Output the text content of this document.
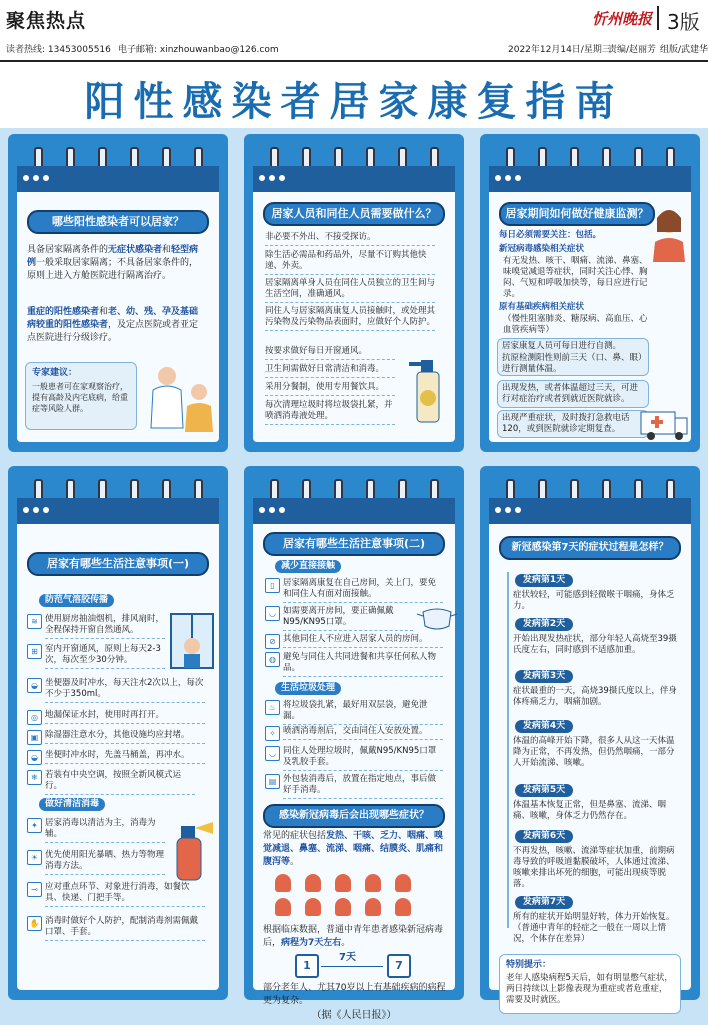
聚焦热点	忻州晚报 3版
读者热线: 13453005516 电子邮箱: xinzhouwanbao@126.com	2022年12月14日/星期三
责编/赵丽芳 组版/武建华
阳性感染者居家康复指南
哪些阳性感染者可以居家？
具备居家隔离条件的无症状感染者和轻型病例一般采取居家隔离；不具备居家条件的，原则上进入方舱医院进行隔离治疗。
重症的阳性感染者和老、幼、残、孕及基础病较重的阳性感染者，及定点医院或者亚定点医院进行分级诊疗。
专家建议：
一般患者可在家观察治疗，提有高龄及内宅底病，给重症等风险人群。
居家人员和同住人员需要做什么？
非必要不外出、不接受探访。
除生活必需品和药品外，尽量不订购其他快递、外卖。
居家隔离单身人员在同住人员独立的卫生间与生活空间，准确通风。
同住人与居家隔离康复人员接触时，或处理其污染物及污染物品表面时，应做好个人防护。
按要求做好每日开窗通风。
卫生间需做好日常清洁和消毒。
采用分餐制，使用专用餐饮具。
每次清理垃圾时将垃圾袋扎紧，并喷洒消毒液处理。
居家期间如何做好健康监测？
每日必须需要关注：包括。
新冠病毒感染相关症状
有无发热、咳干、咽痛、流涕、鼻塞、味嗅觉减退等症状，同时关注心悸、胸闷、气短和呼吸加快等，每日应进行记录。
原有基础疾病相关症状
（慢性阻塞肺炎、糖尿病、高血压、心血管疾病等）
居家康复人员可每日进行自测。
抗原检测阳性则前三天（口、鼻、眼）进行测量体温。
出现发热，或者体温超过三天，可进行对症治疗或者到就近医院就诊。
出现严重症状，及时拨打急救电话120，或到医院就诊定期复查。
居家有哪些生活注意事项(一)
防范气溶胶传播
≋ 使用厨房抽油烟机，排风扇时，全程保持开窗自然通风。
⊞ 室内开窗通风，原则上每天2-3次，每次至少30分钟。
◒ 坐便器及时冲水，每天注水2次以上，每次不少于350ml。
◎ 地漏保证水封，使用时再打开。
▣ 除湿器注意水分，其他设施均应封堵。
◒ 坐便时冲水时，先盖马桶盖，再冲水。
❄ 若装有中央空调，按照全新风模式运行。
做好清洁消毒
✦ 居家消毒以清洁为主，消毒为辅。
☀ 优先使用阳光暴晒、热力等物理消毒方法。
⊸ 应对重点环节、对象进行消毒，如餐饮具、快递、门把手等。
✋ 消毒时做好个人防护，配制消毒剂需佩戴口罩、手套。
居家有哪些生活注意事项(二)
减少直接接触
▯ 居家隔离康复在自己房间，关上门，要免和同住人有面对面接触。
◡ 如需要离开房间，要正确佩戴N95/KN95口罩。
⊘ 其他同住人不应进入居家人员的房间。
◍ 避免与同住人共同进餐和共享任何私人物品。
生活垃圾处理
♨ 将垃圾袋扎紧，最好用双层袋，避免泄漏。
✧ 喷洒消毒剂后，交由同住人安放处置。
◡ 同住人处理垃圾时，佩戴N95/KN95口罩及乳胶手套。
▤ 外包装消毒后，放置在指定地点，事后做好手消毒。
感染新冠病毒后会出现哪些症状？
常见的症状包括发热、干咳、乏力、咽痛、嗅觉减退、鼻塞、流涕、咽痛、结膜炎、肌痛和腹泻等。
根据临床数据，普通中青年患者感染新冠病毒后，病程为7天左右。
1
7天
7
部分老年人、尤其70岁以上有基础疾病的病程更为复杂。
新冠感染第7天的症状过程是怎样？
发病第1天
症状较轻，可能感到轻微喉干咽痛，身体乏力。
发病第2天
开始出现发热症状，部分年轻人高烧至39摄氏度左右，同时感到不适感加重。
发病第3天
症状最重的一天，高烧39摄氏度以上，伴身体疼痛乏力，咽痛加剧。
发病第4天
体温的高峰开始下降，很多人从这一天体温降为正常，不再发热，但仍然咽痛，一部分人开始流涕、咳嗽。
发病第5天
体温基本恢复正常，但是鼻塞、流涕、咽痛、咳嗽，身体乏力仍然存在。
发病第6天
不再发热，咳嗽、流涕等症状加重，前期病毒导致的呼吸道黏膜破坏，人体通过流涕、咳嗽来排出坏死的细胞，可能出现痰等脱落。
发病第7天
所有的症状开始明显好转，体力开始恢复。（普通中青年的轻症之一般在一周以上情况，个体存在差异）
特别提示：
老年人感染病程5天后，如有明显憋气症状，两日持续以上影像表现为重症或者危重症，需要及时就医。
（据《人民日报》）
